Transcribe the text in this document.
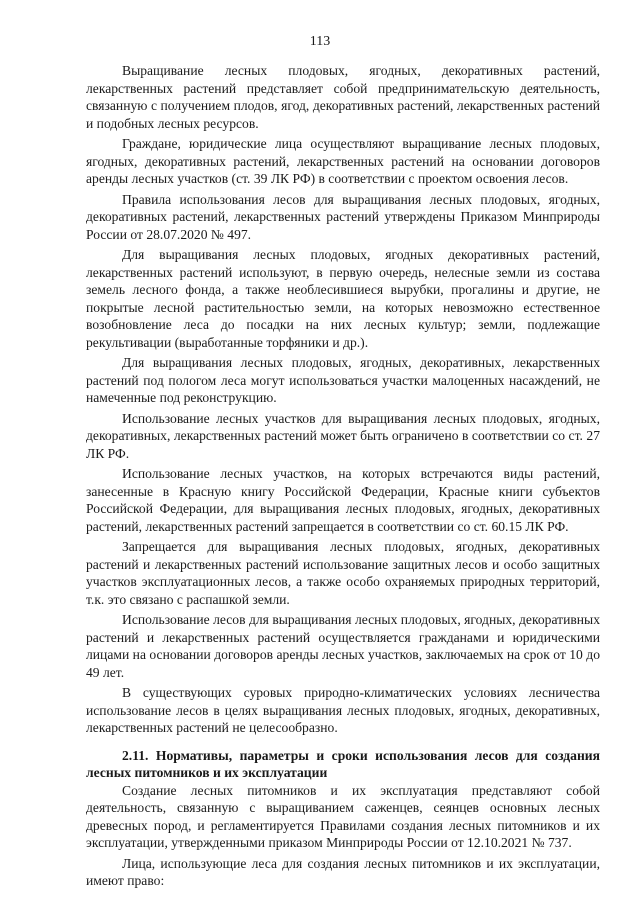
113

Выращивание лесных плодовых, ягодных, декоративных растений, лекарственных растений представляет собой предпринимательскую деятельность, связанную с получением плодов, ягод, декоративных растений, лекарственных растений и подобных лесных ресурсов.

Граждане, юридические лица осуществляют выращивание лесных плодовых, ягодных, декоративных растений, лекарственных растений на основании договоров аренды лесных участков (ст. 39 ЛК РФ) в соответствии с проектом освоения лесов.

Правила использования лесов для выращивания лесных плодовых, ягодных, декоративных растений, лекарственных растений утверждены Приказом Минприроды России от 28.07.2020 № 497.

Для выращивания лесных плодовых, ягодных декоративных растений, лекарственных растений используют, в первую очередь, нелесные земли из состава земель лесного фонда, а также необлесившиеся вырубки, прогалины и другие, не покрытые лесной растительностью земли, на которых невозможно естественное возобновление леса до посадки на них лесных культур; земли, подлежащие рекультивации (выработанные торфяники и др.).

Для выращивания лесных плодовых, ягодных, декоративных, лекарственных растений под пологом леса могут использоваться участки малоценных насаждений, не намеченные под реконструкцию.

Использование лесных участков для выращивания лесных плодовых, ягодных, декоративных, лекарственных растений может быть ограничено в соответствии со ст. 27 ЛК РФ.

Использование лесных участков, на которых встречаются виды растений, занесенные в Красную книгу Российской Федерации, Красные книги субъектов Российской Федерации, для выращивания лесных плодовых, ягодных, декоративных растений, лекарственных растений запрещается в соответствии со ст. 60.15 ЛК РФ.

Запрещается для выращивания лесных плодовых, ягодных, декоративных растений и лекарственных растений использование защитных лесов и особо защитных участков эксплуатационных лесов, а также особо охраняемых природных территорий, т.к. это связано с распашкой земли.

Использование лесов для выращивания лесных плодовых, ягодных, декоративных растений и лекарственных растений осуществляется гражданами и юридическими лицами на основании договоров аренды лесных участков, заключаемых на срок от 10 до 49 лет.

В существующих суровых природно-климатических условиях лесничества использование лесов в целях выращивания лесных плодовых, ягодных, декоративных, лекарственных растений не целесообразно.

2.11. Нормативы, параметры и сроки использования лесов для создания лесных питомников и их эксплуатации

Создание лесных питомников и их эксплуатация представляют собой деятельность, связанную с выращиванием саженцев, сеянцев основных лесных древесных пород, и регламентируется Правилами создания лесных питомников и их эксплуатации, утвержденными приказом Минприроды России от 12.10.2021 № 737.

Лица, использующие леса для создания лесных питомников и их эксплуатации, имеют право:
